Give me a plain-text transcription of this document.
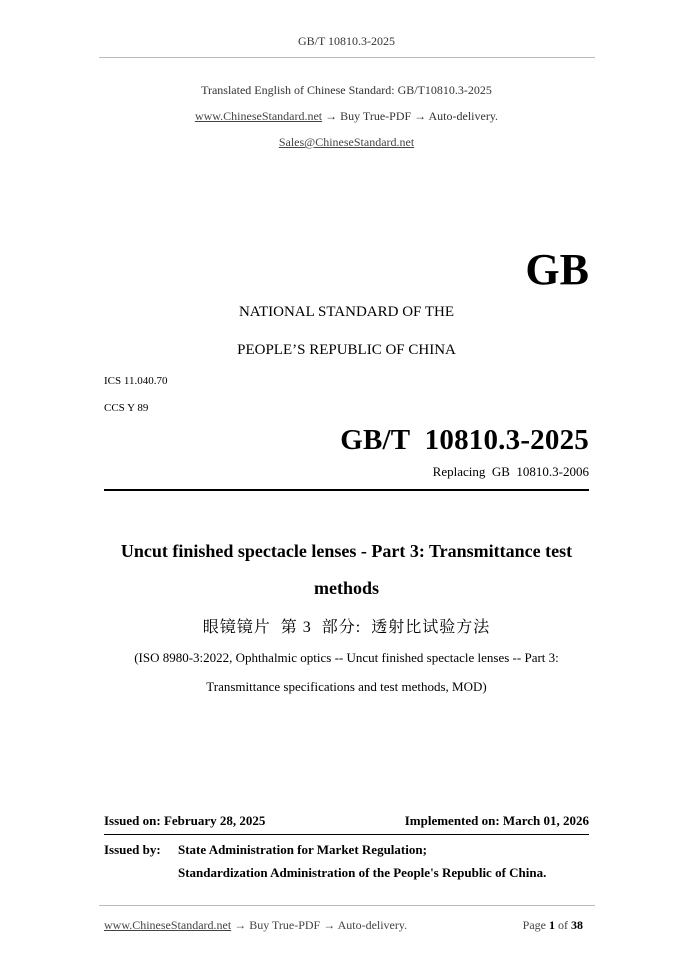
GB/T 10810.3-2025
Translated English of Chinese Standard: GB/T10810.3-2025
www.ChineseStandard.net → Buy True-PDF → Auto-delivery.
Sales@ChineseStandard.net
GB
NATIONAL STANDARD OF THE
PEOPLE’S REPUBLIC OF CHINA
ICS 11.040.70
CCS Y 89
GB/T  10810.3-2025
Replacing  GB  10810.3-2006
Uncut finished spectacle lenses - Part 3: Transmittance test
methods
眼镜镜片  第 3  部分:  透射比试验方法
(ISO 8980-3:2022, Ophthalmic optics -- Uncut finished spectacle lenses -- Part 3:
Transmittance specifications and test methods, MOD)
Issued on: February 28, 2025	Implemented on: March 01, 2026
Issued by: State Administration for Market Regulation;
Standardization Administration of the People's Republic of China.
www.ChineseStandard.net → Buy True-PDF → Auto-delivery.	Page 1 of 38
